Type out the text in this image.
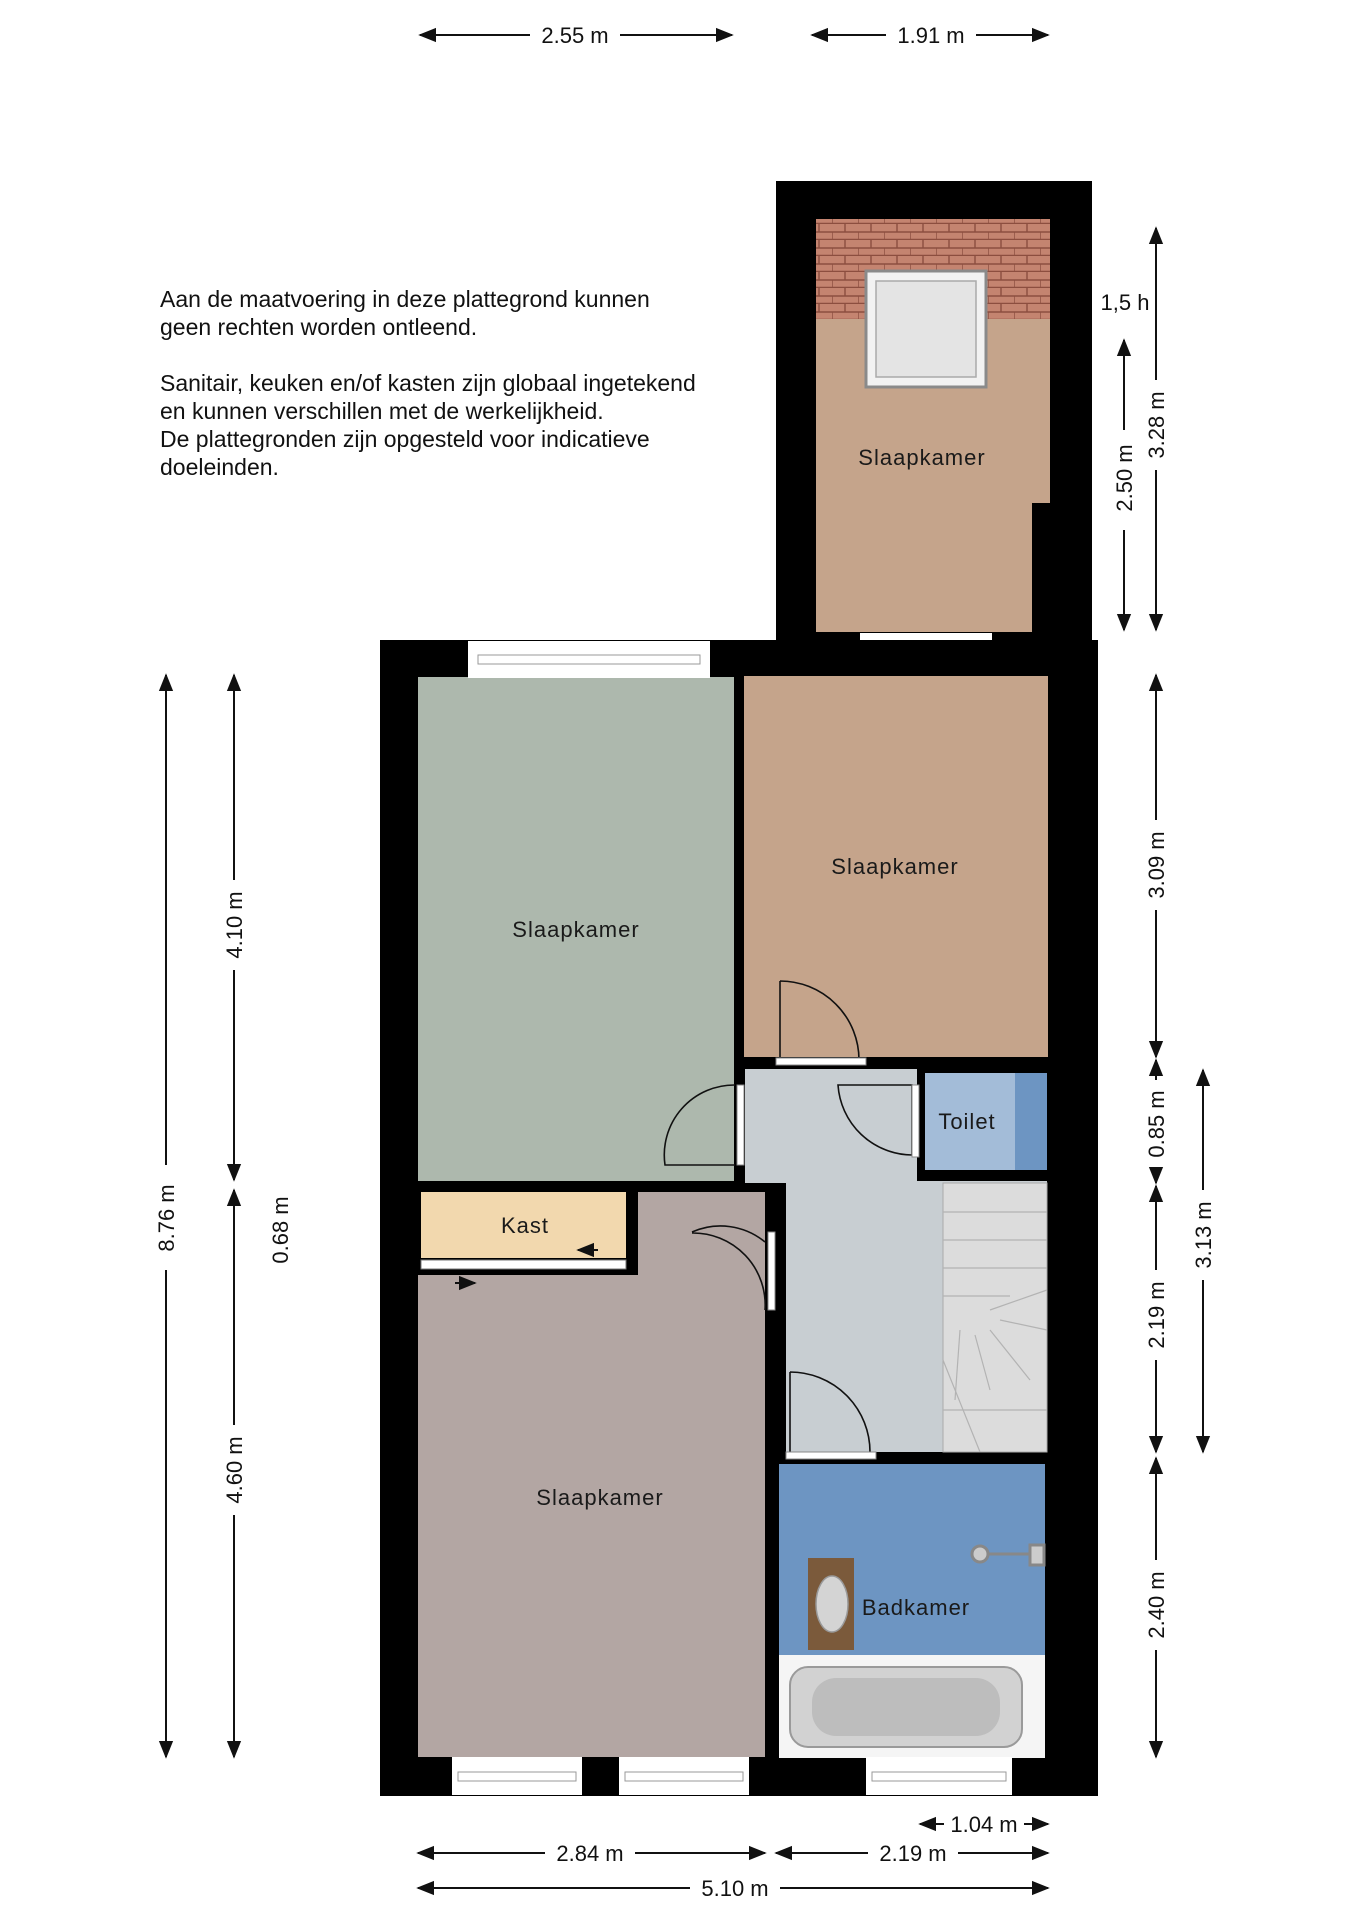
Slaapkamer
Slaapkamer
Slaapkamer
Toilet
Kast
Slaapkamer
Badkamer
2.55 m	1.91 m
1,5 h
2.50 m
3.28 m
8.76 m
4.10 m
0.68 m
4.60 m
3.09 m
0.85 m
2.19 m
2.40 m
3.13 m
1.04 m
2.84 m	2.19 m
5.10 m

Aan de maatvoering in deze plattegrond kunnen
geen rechten worden ontleend.

Sanitair, keuken en/of kasten zijn globaal ingetekend
en kunnen verschillen met de werkelijkheid.
De plattegronden zijn opgesteld voor indicatieve
doeleinden.
